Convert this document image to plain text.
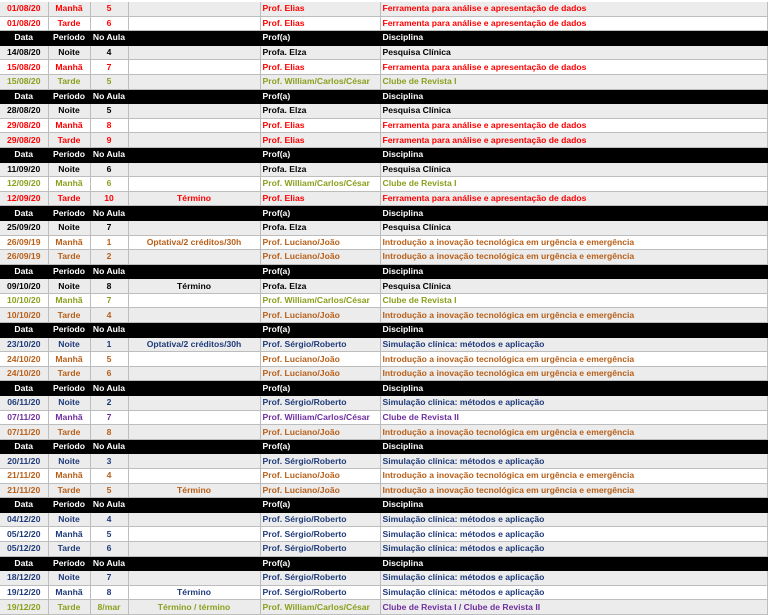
01/08/20	Manhã	5		Prof. Elias	Ferramenta para análise e apresentação de dados
01/08/20	Tarde	6		Prof. Elias	Ferramenta para análise e apresentação de dados
Data	Período	No Aula		Prof(a)	Disciplina
14/08/20	Noite	4		Profa. Elza	Pesquisa Clínica
15/08/20	Manhã	7		Prof. Elias	Ferramenta para análise e apresentação de dados
15/08/20	Tarde	5		Prof. William/Carlos/César	Clube de Revista I
Data	Período	No Aula		Prof(a)	Disciplina
28/08/20	Noite	5		Profa. Elza	Pesquisa Clínica
29/08/20	Manhã	8		Prof. Elias	Ferramenta para análise e apresentação de dados
29/08/20	Tarde	9		Prof. Elias	Ferramenta para análise e apresentação de dados
Data	Período	No Aula		Prof(a)	Disciplina
11/09/20	Noite	6		Profa. Elza	Pesquisa Clínica
12/09/20	Manhã	6		Prof. William/Carlos/César	Clube de Revista I
12/09/20	Tarde	10	Término	Prof. Elias	Ferramenta para análise e apresentação de dados
Data	Período	No Aula		Prof(a)	Disciplina
25/09/20	Noite	7		Profa. Elza	Pesquisa Clínica
26/09/19	Manhã	1	Optativa/2 créditos/30h	Prof. Luciano/João	Introdução a inovação tecnológica em urgência e emergência
26/09/19	Tarde	2		Prof. Luciano/João	Introdução a inovação tecnológica em urgência e emergência
Data	Período	No Aula		Prof(a)	Disciplina
09/10/20	Noite	8	Término	Profa. Elza	Pesquisa Clínica
10/10/20	Manhã	7		Prof. William/Carlos/César	Clube de Revista I
10/10/20	Tarde	4		Prof. Luciano/João	Introdução a inovação tecnológica em urgência e emergência
Data	Período	No Aula		Prof(a)	Disciplina
23/10/20	Noite	1	Optativa/2 créditos/30h	Prof. Sérgio/Roberto	Simulação clínica: métodos e aplicação
24/10/20	Manhã	5		Prof. Luciano/João	Introdução a inovação tecnológica em urgência e emergência
24/10/20	Tarde	6		Prof. Luciano/João	Introdução a inovação tecnológica em urgência e emergência
Data	Período	No Aula		Prof(a)	Disciplina
06/11/20	Noite	2		Prof. Sérgio/Roberto	Simulação clínica: métodos e aplicação
07/11/20	Manhã	7		Prof. William/Carlos/César	Clube de Revista II
07/11/20	Tarde	8		Prof. Luciano/João	Introdução a inovação tecnológica em urgência e emergência
Data	Período	No Aula		Prof(a)	Disciplina
20/11/20	Noite	3		Prof. Sérgio/Roberto	Simulação clínica: métodos e aplicação
21/11/20	Manhã	4		Prof. Luciano/João	Introdução a inovação tecnológica em urgência e emergência
21/11/20	Tarde	5	Término	Prof. Luciano/João	Introdução a inovação tecnológica em urgência e emergência
Data	Período	No Aula		Prof(a)	Disciplina
04/12/20	Noite	4		Prof. Sérgio/Roberto	Simulação clínica: métodos e aplicação
05/12/20	Manhã	5		Prof. Sérgio/Roberto	Simulação clínica: métodos e aplicação
05/12/20	Tarde	6		Prof. Sérgio/Roberto	Simulação clínica: métodos e aplicação
Data	Período	No Aula		Prof(a)	Disciplina
18/12/20	Noite	7		Prof. Sérgio/Roberto	Simulação clínica: métodos e aplicação
19/12/20	Manhã	8	Término	Prof. Sérgio/Roberto	Simulação clínica: métodos e aplicação
19/12/20	Tarde	8/mar	Término / término	Prof. William/Carlos/César	Clube de Revista I / Clube de Revista II
